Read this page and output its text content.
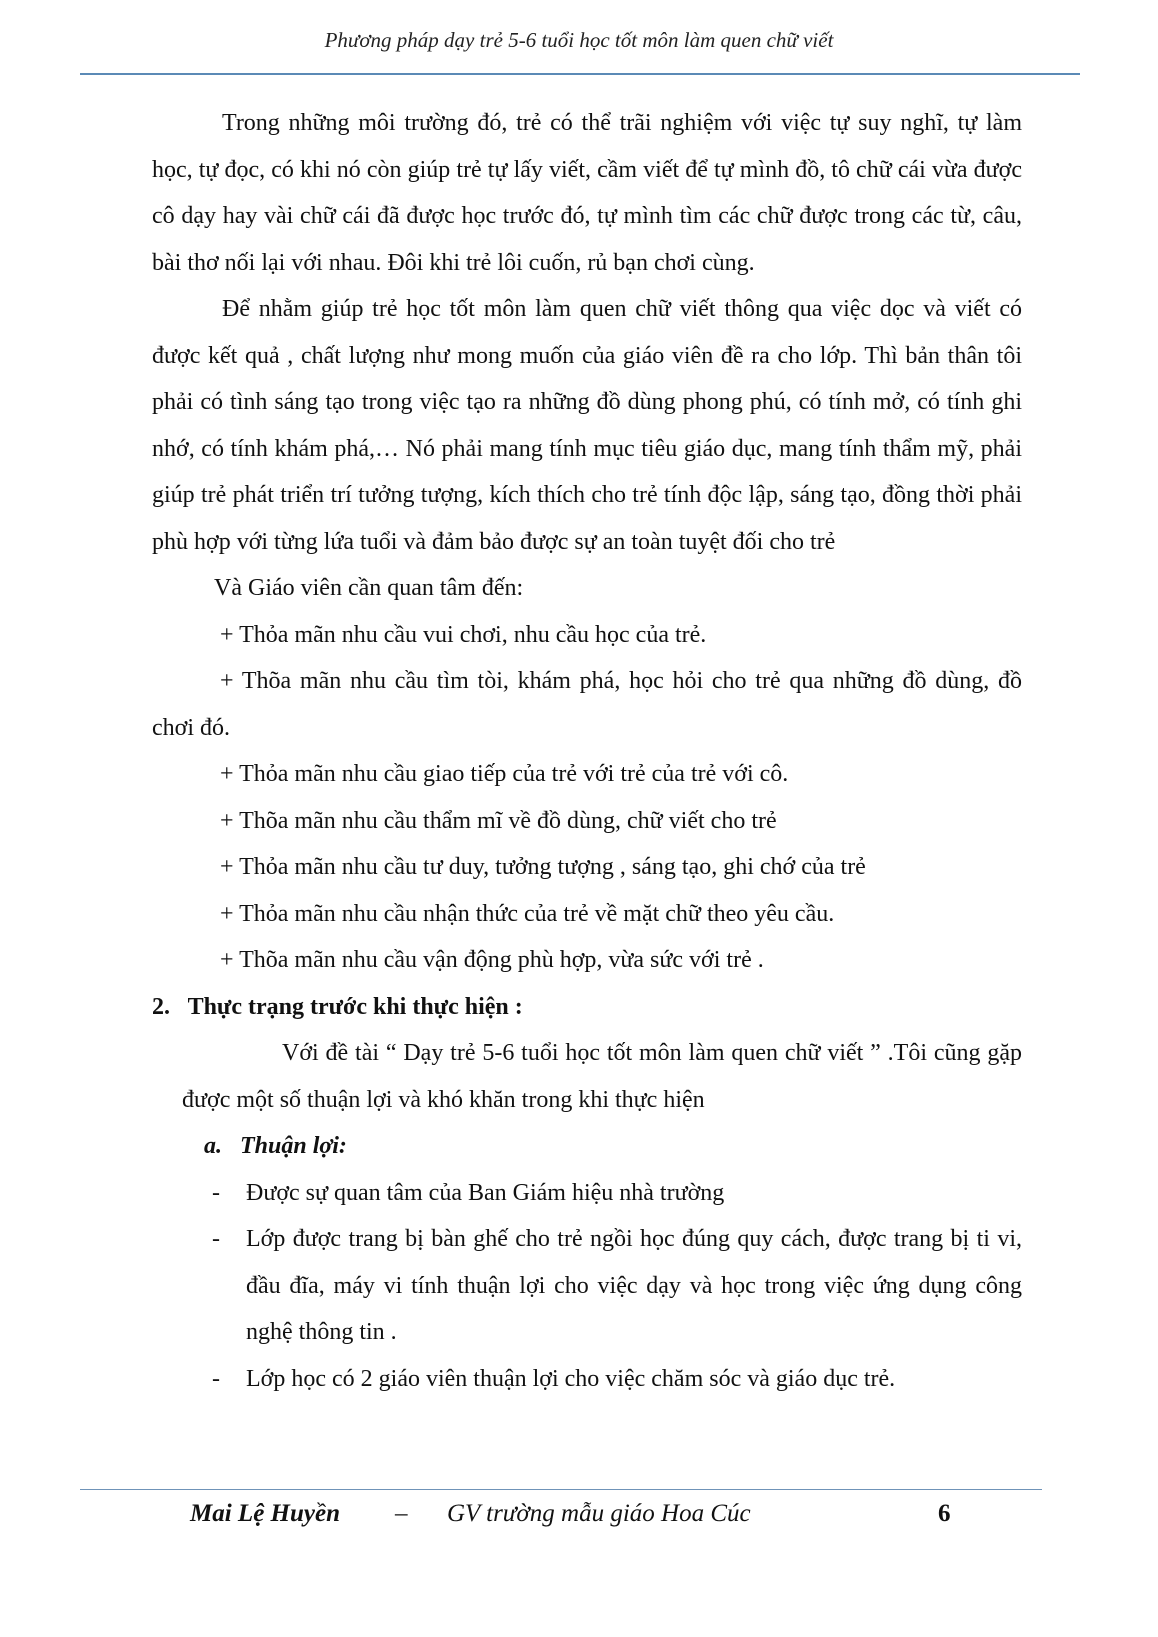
Phương pháp dạy trẻ 5-6 tuổi học tốt môn làm quen chữ viết

Trong những môi trường đó, trẻ có thể trãi nghiệm với việc tự suy nghĩ, tự làm học, tự đọc, có khi nó còn giúp trẻ tự lấy viết, cầm viết để tự mình đồ, tô chữ cái vừa được cô dạy hay vài chữ cái đã được học trước đó, tự mình tìm các chữ được trong các từ, câu, bài thơ nối lại với nhau. Đôi khi trẻ lôi cuốn, rủ bạn chơi cùng.

Để nhằm giúp trẻ học tốt môn làm quen chữ viết thông qua việc dọc và viết có được kết quả , chất lượng như mong muốn của giáo viên đề ra cho lớp. Thì bản thân tôi phải có tình sáng tạo trong việc tạo ra những đồ dùng phong phú, có tính mở, có tính ghi nhớ, có tính khám phá,… Nó phải mang tính mục tiêu giáo dục, mang tính thẩm mỹ, phải giúp trẻ phát triển trí tưởng tượng, kích thích cho trẻ tính độc lập, sáng tạo, đồng thời phải phù hợp với từng lứa tuổi và đảm bảo được sự an toàn tuyệt đối cho trẻ

Và Giáo viên cần quan tâm đến:

+ Thỏa mãn nhu cầu vui chơi, nhu cầu học của trẻ.

+ Thõa mãn nhu cầu tìm tòi, khám phá, học hỏi cho trẻ qua những đồ dùng, đồ chơi đó.

+ Thỏa mãn nhu cầu giao tiếp của trẻ với trẻ của trẻ với cô.

+ Thõa mãn nhu cầu thẩm mĩ về đồ dùng, chữ viết cho trẻ

+ Thỏa mãn nhu cầu tư duy, tưởng tượng , sáng tạo, ghi chớ của trẻ

+ Thỏa mãn nhu cầu nhận thức của trẻ về mặt chữ theo yêu cầu.

+ Thõa mãn nhu cầu vận động phù hợp, vừa sức với trẻ .

2. Thực trạng trước khi thực hiện :

Với đề tài “ Dạy trẻ 5-6 tuổi học tốt môn làm quen chữ viết ” .Tôi cũng gặp được một số thuận lợi và khó khăn trong khi thực hiện

a. Thuận lợi:

- Được sự quan tâm của Ban Giám hiệu nhà trường
- Lớp được trang bị bàn ghế cho trẻ ngồi học đúng quy cách, được trang bị ti vi, đầu đĩa, máy vi tính thuận lợi cho việc dạy và học trong việc ứng dụng công nghệ thông tin .
- Lớp học có 2 giáo viên thuận lợi cho việc chăm sóc và giáo dục trẻ.
Mai Lệ Huyền – GV trường mẫu giáo Hoa Cúc	6
